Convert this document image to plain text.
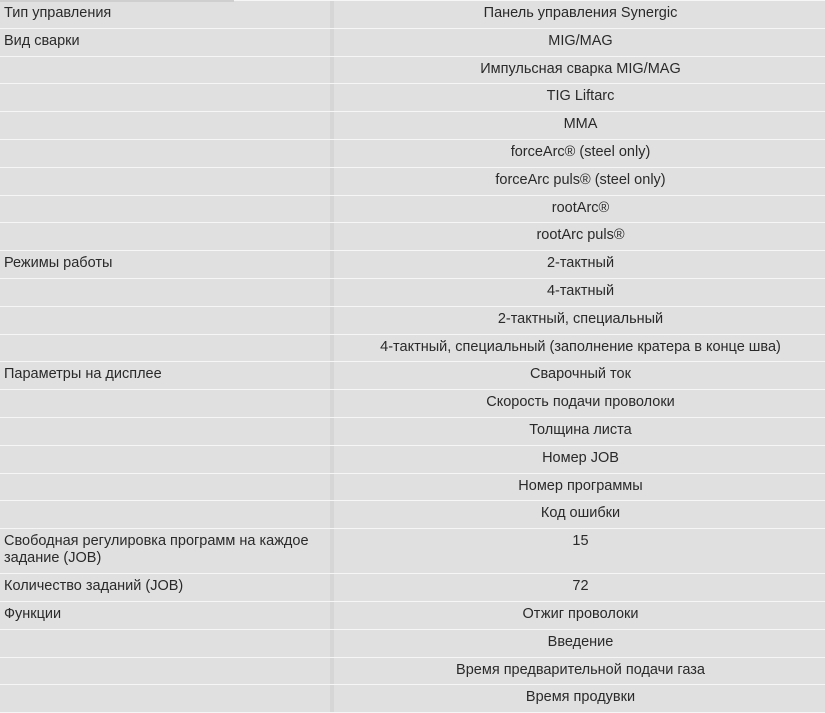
Тип управления		Панель управления Synergic
Вид сварки		MIG/MAG
		Импульсная сварка MIG/MAG
		TIG Liftarc
		MMA
		forceArc® (steel only)
		forceArc puls® (steel only)
		rootArc®
		rootArc puls®
Режимы работы		2-тактный
		4-тактный
		2-тактный, специальный
		4-тактный, специальный (заполнение кратера в конце шва)
Параметры на дисплее		Сварочный ток
		Скорость подачи проволоки
		Толщина листа
		Номер JOB
		Номер программы
		Код ошибки
Свободная регулировка программ на каждое задание (JOB)		15
Количество заданий (JOB)		72
Функции		Отжиг проволоки
		Введение
		Время предварительной подачи газа
		Время продувки
